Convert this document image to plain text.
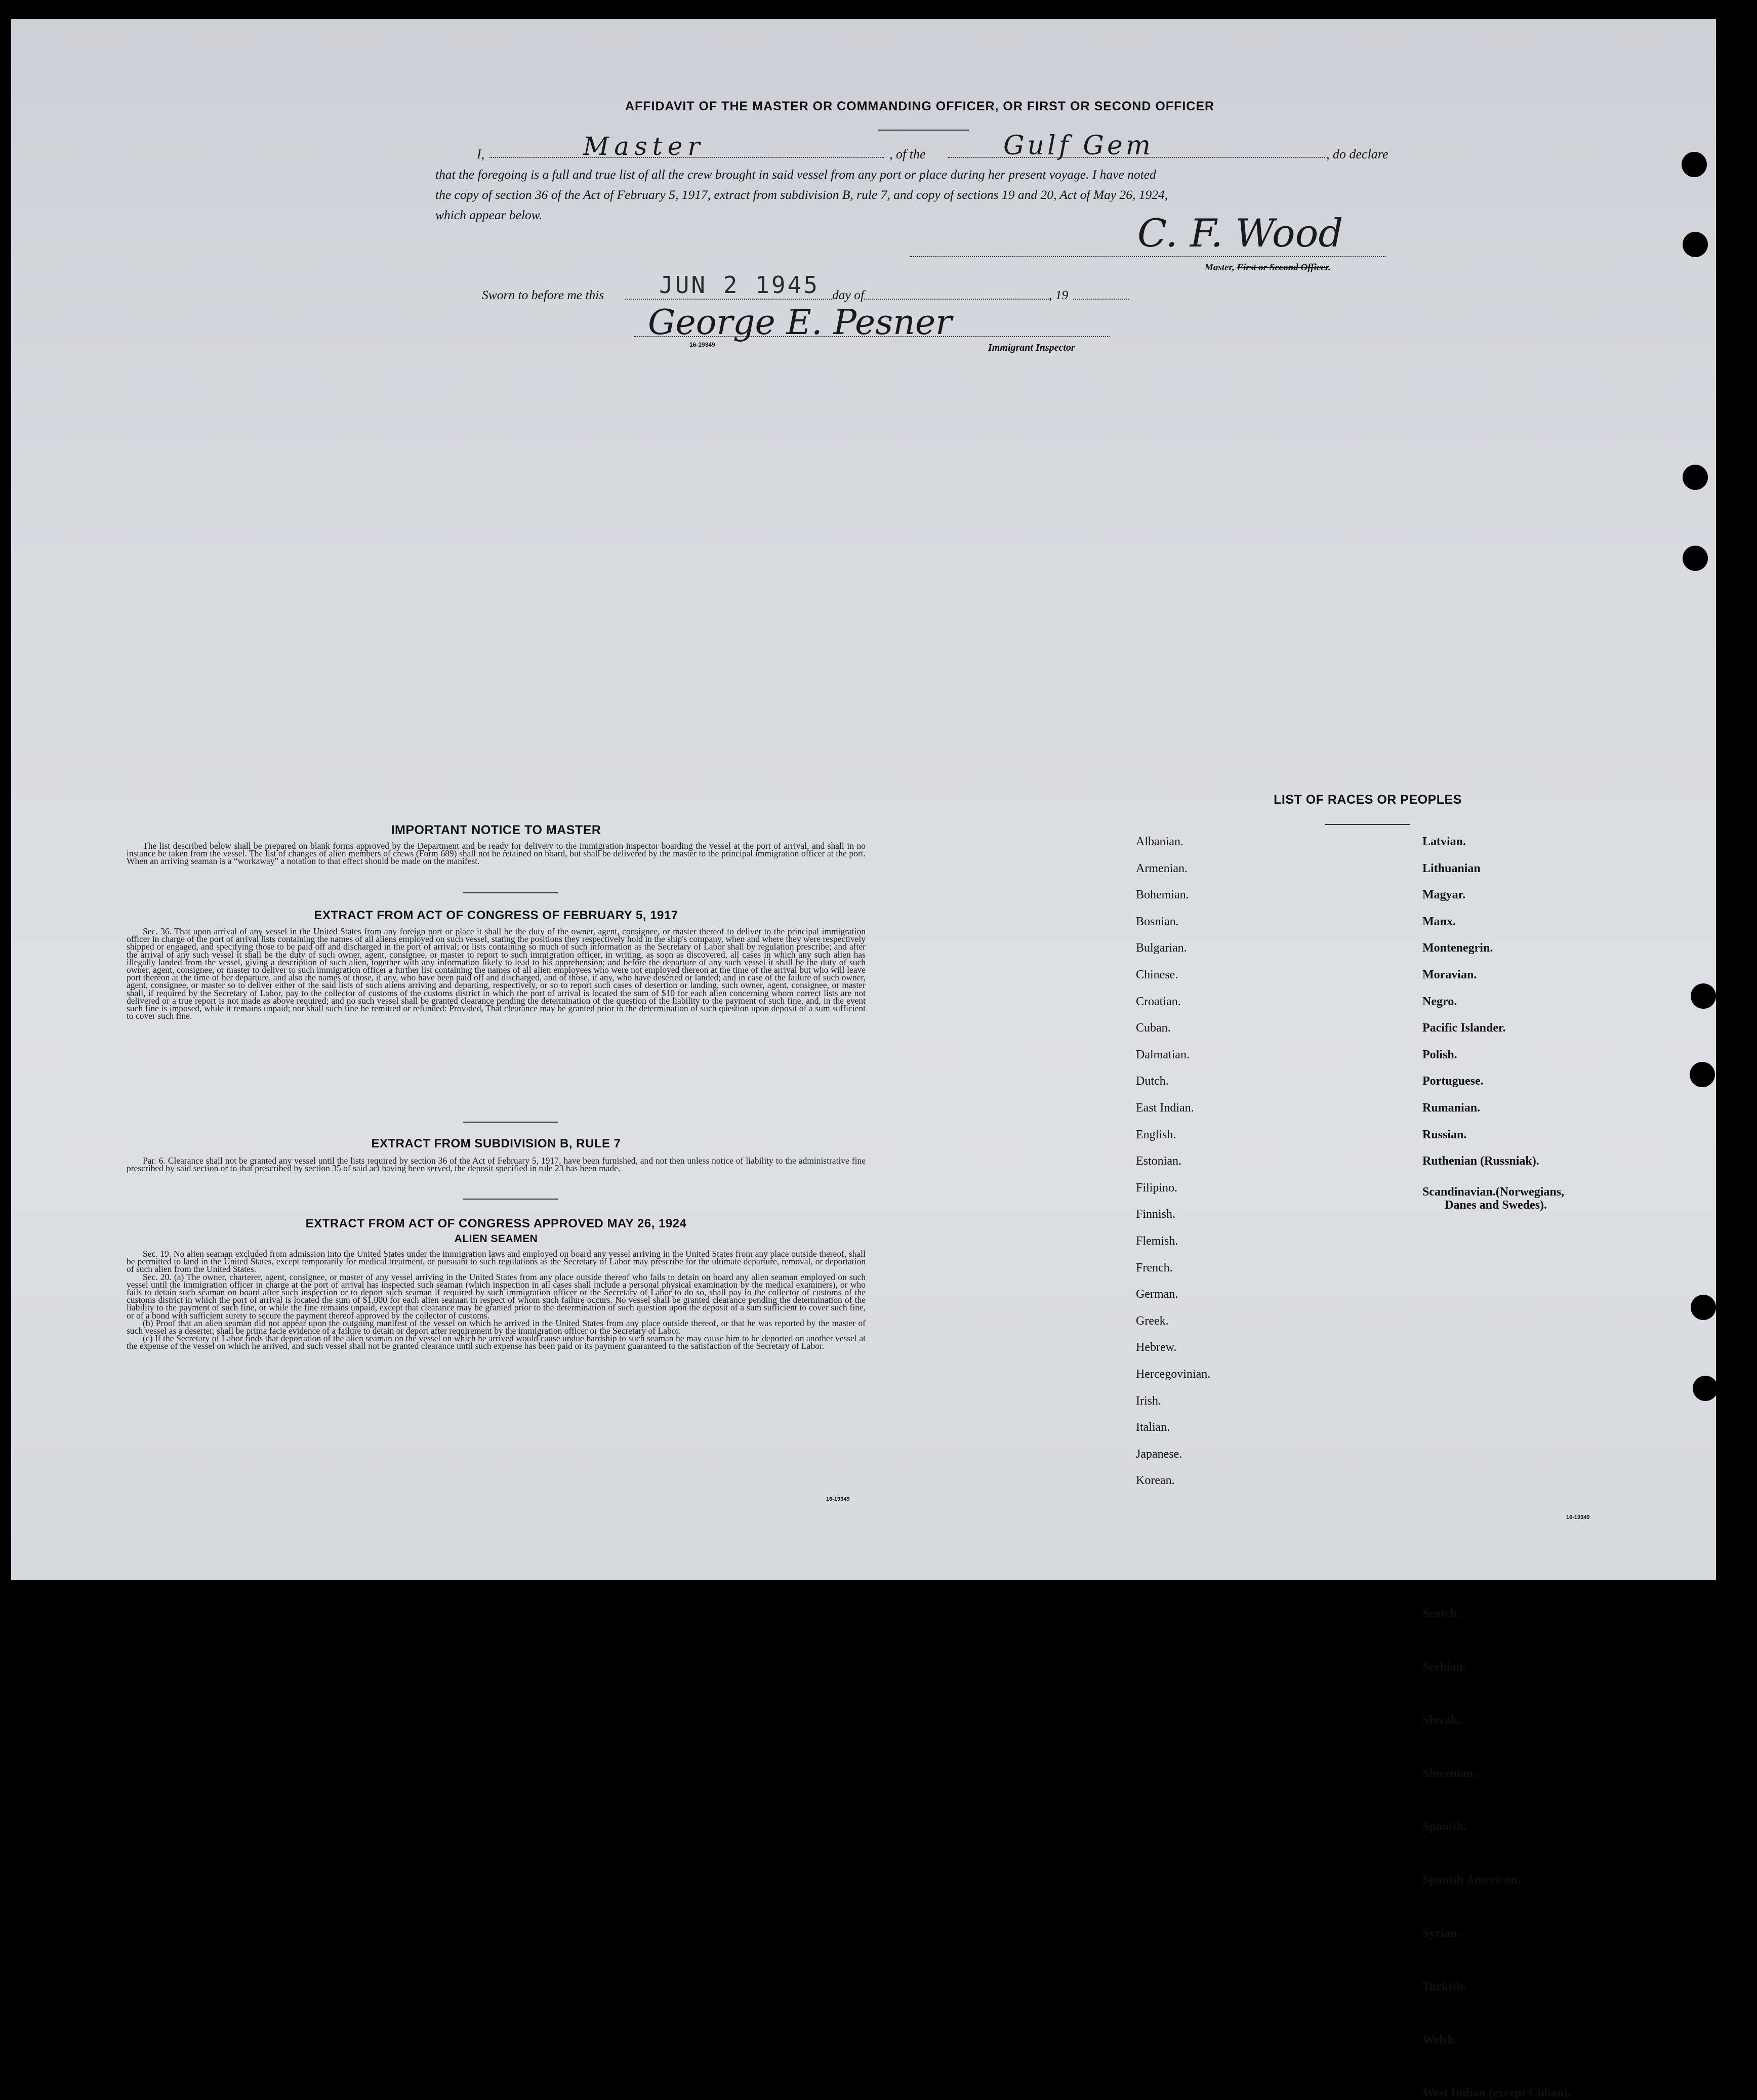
AFFIDAVIT OF THE MASTER OR COMMANDING OFFICER, OR FIRST OR SECOND OFFICER
I,	Master	, of the	Gulf Gem	, do declare
that the foregoing is a full and true list of all the crew brought in said vessel from any port or place during her present voyage. I have noted
the copy of section 36 of the Act of February 5, 1917, extract from subdivision B, rule 7, and copy of sections 19 and 20, Act of May 26, 1924,
which appear below.	C. F. Wood
Master, First or Second Officer.
Sworn to before me this JUN 2 1945 day of	, 19
George E. Pesner
16-19349	Immigrant Inspector
IMPORTANT NOTICE TO MASTER

The list described below shall be prepared on blank forms approved by the Department and be ready for delivery to the immigration inspector boarding the vessel at the port of arrival, and shall in no instance be taken from the vessel. The list of changes of alien members of crews (Form 689) shall not be retained on board, but shall be delivered by the master to the principal immigration officer at the port. When an arriving seaman is a “workaway” a notation to that effect should be made on the manifest.

EXTRACT FROM ACT OF CONGRESS OF FEBRUARY 5, 1917

Sec. 36. That upon arrival of any vessel in the United States from any foreign port or place it shall be the duty of the owner, agent, consignee, or master thereof to deliver to the principal immigration officer in charge of the port of arrival lists containing the names of all aliens employed on such vessel, stating the positions they respectively hold in the ship's company, when and where they were respectively shipped or engaged, and specifying those to be paid off and discharged in the port of arrival; or lists containing so much of such information as the Secretary of Labor shall by regulation prescribe; and after the arrival of any such vessel it shall be the duty of such owner, agent, consignee, or master to report to such immigration officer, in writing, as soon as discovered, all cases in which any such alien has illegally landed from the vessel, giving a description of such alien, together with any information likely to lead to his apprehension; and before the departure of any such vessel it shall be the duty of such owner, agent, consignee, or master to deliver to such immigration officer a further list containing the names of all alien employees who were not employed thereon at the time of the arrival but who will leave port thereon at the time of her departure, and also the names of those, if any, who have been paid off and discharged, and of those, if any, who have deserted or landed; and in case of the failure of such owner, agent, consignee, or master so to deliver either of the said lists of such aliens arriving and departing, respectively, or so to report such cases of desertion or landing, such owner, agent, consignee, or master shall, if required by the Secretary of Labor, pay to the collector of customs of the customs district in which the port of arrival is located the sum of $10 for each alien concerning whom correct lists are not delivered or a true report is not made as above required; and no such vessel shall be granted clearance pending the determination of the question of the liability to the payment of such fine, and, in the event such fine is imposed, while it remains unpaid; nor shall such fine be remitted or refunded: Provided, That clearance may be granted prior to the determination of such question upon deposit of a sum sufficient to cover such fine.

EXTRACT FROM SUBDIVISION B, RULE 7

Par. 6. Clearance shall not be granted any vessel until the lists required by section 36 of the Act of February 5, 1917, have been furnished, and not then unless notice of liability to the administrative fine prescribed by said section or to that prescribed by section 35 of said act having been served, the deposit specified in rule 23 has been made.

EXTRACT FROM ACT OF CONGRESS APPROVED MAY 26, 1924
ALIEN SEAMEN

Sec. 19. No alien seaman excluded from admission into the United States under the immigration laws and employed on board any vessel arriving in the United States from any place outside thereof, shall be permitted to land in the United States, except temporarily for medical treatment, or pursuant to such regulations as the Secretary of Labor may prescribe for the ultimate departure, removal, or deportation of such alien from the United States.

Sec. 20. (a) The owner, charterer, agent, consignee, or master of any vessel arriving in the United States from any place outside thereof who fails to detain on board any alien seaman employed on such vessel until the immigration officer in charge at the port of arrival has inspected such seaman (which inspection in all cases shall include a personal physical examination by the medical examiners), or who fails to detain such seaman on board after such inspection or to deport such seaman if required by such immigration officer or the Secretary of Labor to do so, shall pay to the collector of customs of the customs district in which the port of arrival is located the sum of $1,000 for each alien seaman in respect of whom such failure occurs. No vessel shall be granted clearance pending the determination of the liability to the payment of such fine, or while the fine remains unpaid, except that clearance may be granted prior to the determination of such question upon the deposit of a sum sufficient to cover such fine, or of a bond with sufficient surety to secure the payment thereof approved by the collector of customs.

(b) Proof that an alien seaman did not appear upon the outgoing manifest of the vessel on which he arrived in the United States from any place outside thereof, or that he was reported by the master of such vessel as a deserter, shall be prima facie evidence of a failure to detain or deport after requirement by the immigration officer or the Secretary of Labor.

(c) If the Secretary of Labor finds that deportation of the alien seaman on the vessel on which he arrived would cause undue hardship to such seaman he may cause him to be deported on another vessel at the expense of the vessel on which he arrived, and such vessel shall not be granted clearance until such expense has been paid or its payment guaranteed to the satisfaction of the Secretary of Labor.

16-19349
LIST OF RACES OR PEOPLES
16-19349
Albanian.
Armenian.
Bohemian.
Bosnian.
Bulgarian.
Chinese.
Croatian.
Cuban.
Dalmatian.
Dutch.
East Indian.
English.
Estonian.
Filipino.
Finnish.
Flemish.
French.
German.
Greek.
Hebrew.
Hercegovinian.
Irish.
Italian.
Japanese.
Korean.
Latvian.
Lithuanian
Magyar.
Manx.
Montenegrin.
Moravian.
Negro.
Pacific Islander.
Polish.
Portuguese.
Rumanian.
Russian.
Ruthenian (Russniak).
Scandinavian.(Norwegians,
Danes and Swedes).
Scotch.
Serbian.
Slovak.
Slovenian.
Spanish.
Spanish American.
Syrian.
Turkish.
Welsh.
West Indian (except Cuban).
